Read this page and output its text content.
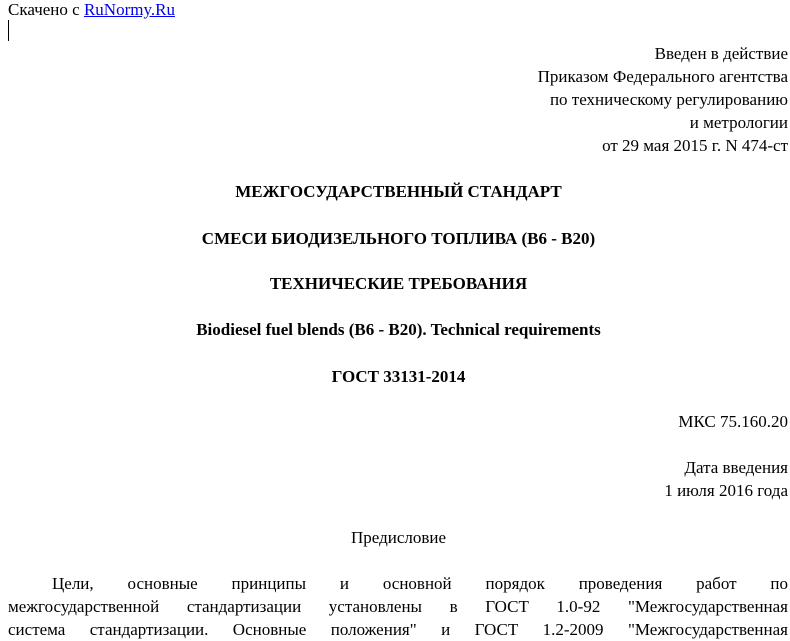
Скачено с RuNormy.Ru
Введен в действие
Приказом Федерального агентства
по техническому регулированию
и метрологии
от 29 мая 2015 г. N 474-ст
МЕЖГОСУДАРСТВЕННЫЙ СТАНДАРТ
СМЕСИ БИОДИЗЕЛЬНОГО ТОПЛИВА (B6 - B20)
ТЕХНИЧЕСКИЕ ТРЕБОВАНИЯ
Biodiesel fuel blends (B6 - B20). Technical requirements
ГОСТ 33131-2014
МКС 75.160.20
Дата введения
1 июля 2016 года
Предисловие
Цели, основные принципы и основной порядок проведения работ по
межгосударственной стандартизации установлены в ГОСТ 1.0-92 "Межгосударственная
система стандартизации. Основные положения" и ГОСТ 1.2-2009 "Межгосударственная
